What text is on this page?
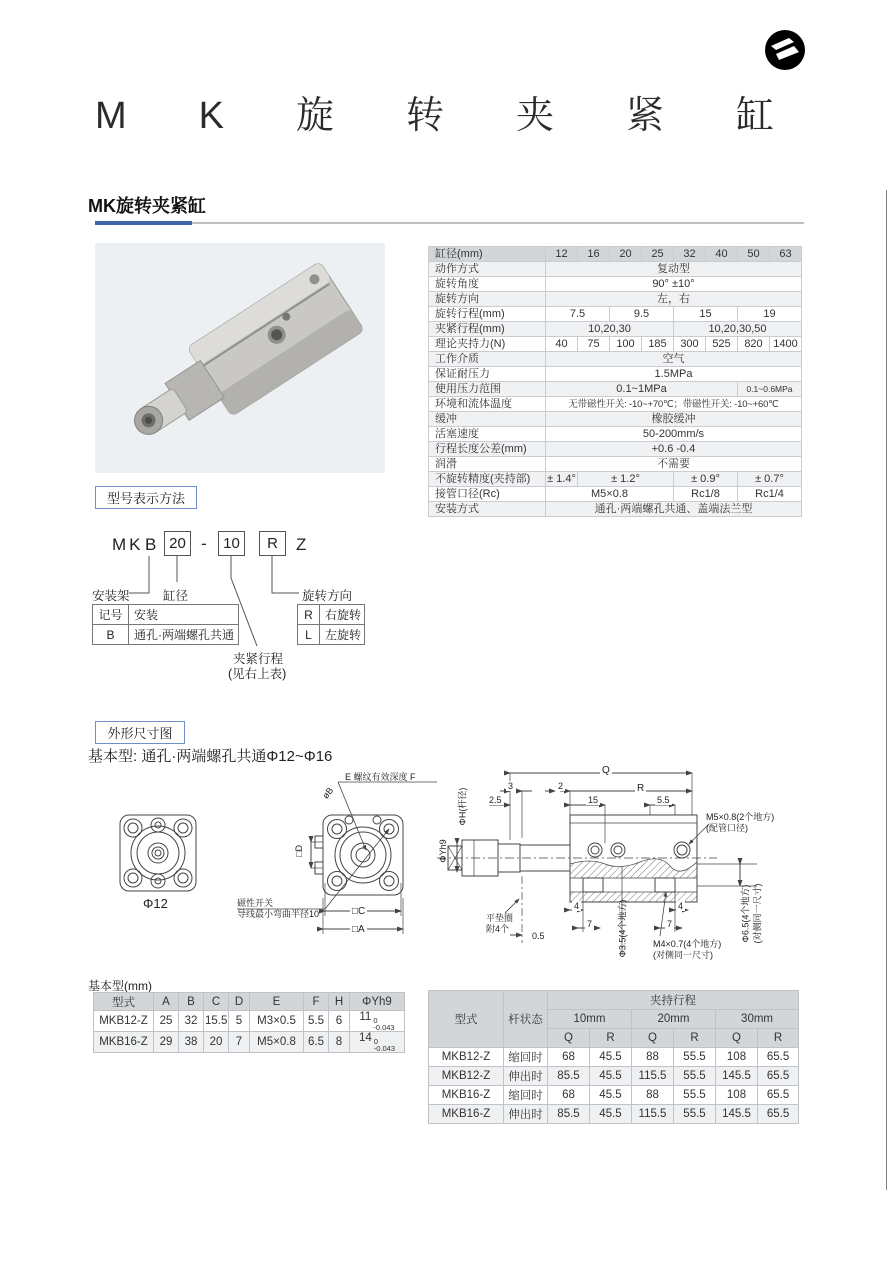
MK旋转夹紧缸
MK旋转夹紧缸
缸径(mm)	12	16	20	25	32	40	50	63
动作方式	复动型							
旋转角度	90° ±10°							
旋转方向	左，右							
旋转行程(mm)	7.5		9.5		15		19	
夹紧行程(mm)	10,20,30				10,20,30,50			
理论夹持力(N)	40	75	100	185	300	525	820	1400
工作介质	空气							
保证耐压力	1.5MPa							
使用压力范围	0.1~1MPa						0.1~0.6MPa	
环境和流体温度	无带磁性开关: -10~+70℃；带磁性开关: -10~+60℃							
缓冲	橡胶缓冲							
活塞速度	50-200mm/s							
行程长度公差(mm)	+0.6 -0.4							
润滑	不需要							
不旋转精度(夹持部)	± 1.4°	± 1.2°			± 0.9°		± 0.7°	
接管口径(Rc)	M5×0.8				Rc1/8		Rc1/4	
安装方式	通孔·两端螺孔共通、盖端法兰型							
型号表示方法
MK B 20 -	10	R	Z
安装架	缸径	旋转方向
夹紧行程
(见右上表)
记号	安装
B	通孔·两端螺孔共通
R	右旋转
L	左旋转
外形尺寸图
基本型: 通孔·两端螺孔共通Φ12~Φ16
Φ12
E 螺纹有效深度 F
øB
□D
磁性开关
导线最小弯曲半径10	□C
□A
Q
R
3
2.5
2
15	5.5
M5×0.8(2个地方)
(配管口径)
ΦH(杆径)
ΦYh9
平垫圈
附4个
0.5
4
7
4
7
Φ3.5(4个地方)	M4×0.7(4个地方)
(对侧同一尺寸)
Φ6.5(4个地方) (对侧同一尺寸)
基本型(mm)
型式	A	B	C	D	E	F	H	ΦYh9
MKB12-Z	25	32	15.5	5	M3×0.5	5.5	6	11 0
-0.043

MKB16-Z	29	38	20	7	M5×0.8	6.5	8	14 0
-0.043
型式	杆状态	夹持行程					
		10mm		20mm		30mm	
		Q	R	Q	R	Q	R
MKB12-Z	缩回时	68	45.5	88	55.5	108	65.5
MKB12-Z	伸出时	85.5	45.5	115.5	55.5	145.5	65.5
MKB16-Z	缩回时	68	45.5	88	55.5	108	65.5
MKB16-Z	伸出时	85.5	45.5	115.5	55.5	145.5	65.5
